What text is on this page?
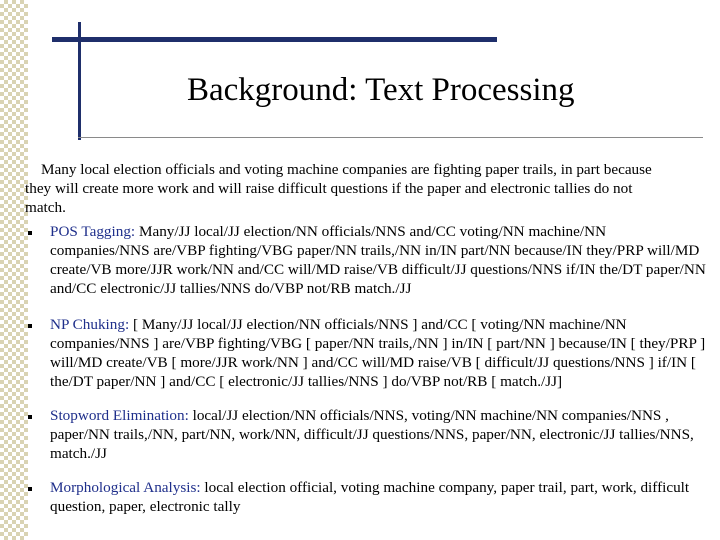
Background: Text Processing
Many local election officials and voting machine companies are fighting paper trails, in part because they will create more work and will raise difficult questions if the paper and electronic tallies do not match.
POS Tagging: Many/JJ local/JJ election/NN officials/NNS and/CC voting/NN machine/NN companies/NNS are/VBP fighting/VBG paper/NN trails,/NN in/IN part/NN because/IN they/PRP will/MD create/VB more/JJR work/NN and/CC will/MD raise/VB difficult/JJ questions/NNS if/IN the/DT paper/NN and/CC electronic/JJ tallies/NNS do/VBP not/RB match./JJ
NP Chuking: [ Many/JJ local/JJ election/NN officials/NNS ] and/CC [ voting/NN machine/NN companies/NNS ] are/VBP fighting/VBG [ paper/NN trails,/NN ] in/IN [ part/NN ] because/IN [ they/PRP ] will/MD create/VB [ more/JJR work/NN ] and/CC will/MD raise/VB [ difficult/JJ questions/NNS ] if/IN [ the/DT paper/NN ] and/CC [ electronic/JJ tallies/NNS ] do/VBP not/RB [ match./JJ]
Stopword Elimination: local/JJ election/NN officials/NNS, voting/NN machine/NN companies/NNS , paper/NN trails,/NN, part/NN, work/NN, difficult/JJ questions/NNS, paper/NN, electronic/JJ tallies/NNS, match./JJ
Morphological Analysis: local election official, voting machine company, paper trail, part, work, difficult question, paper, electronic tally
